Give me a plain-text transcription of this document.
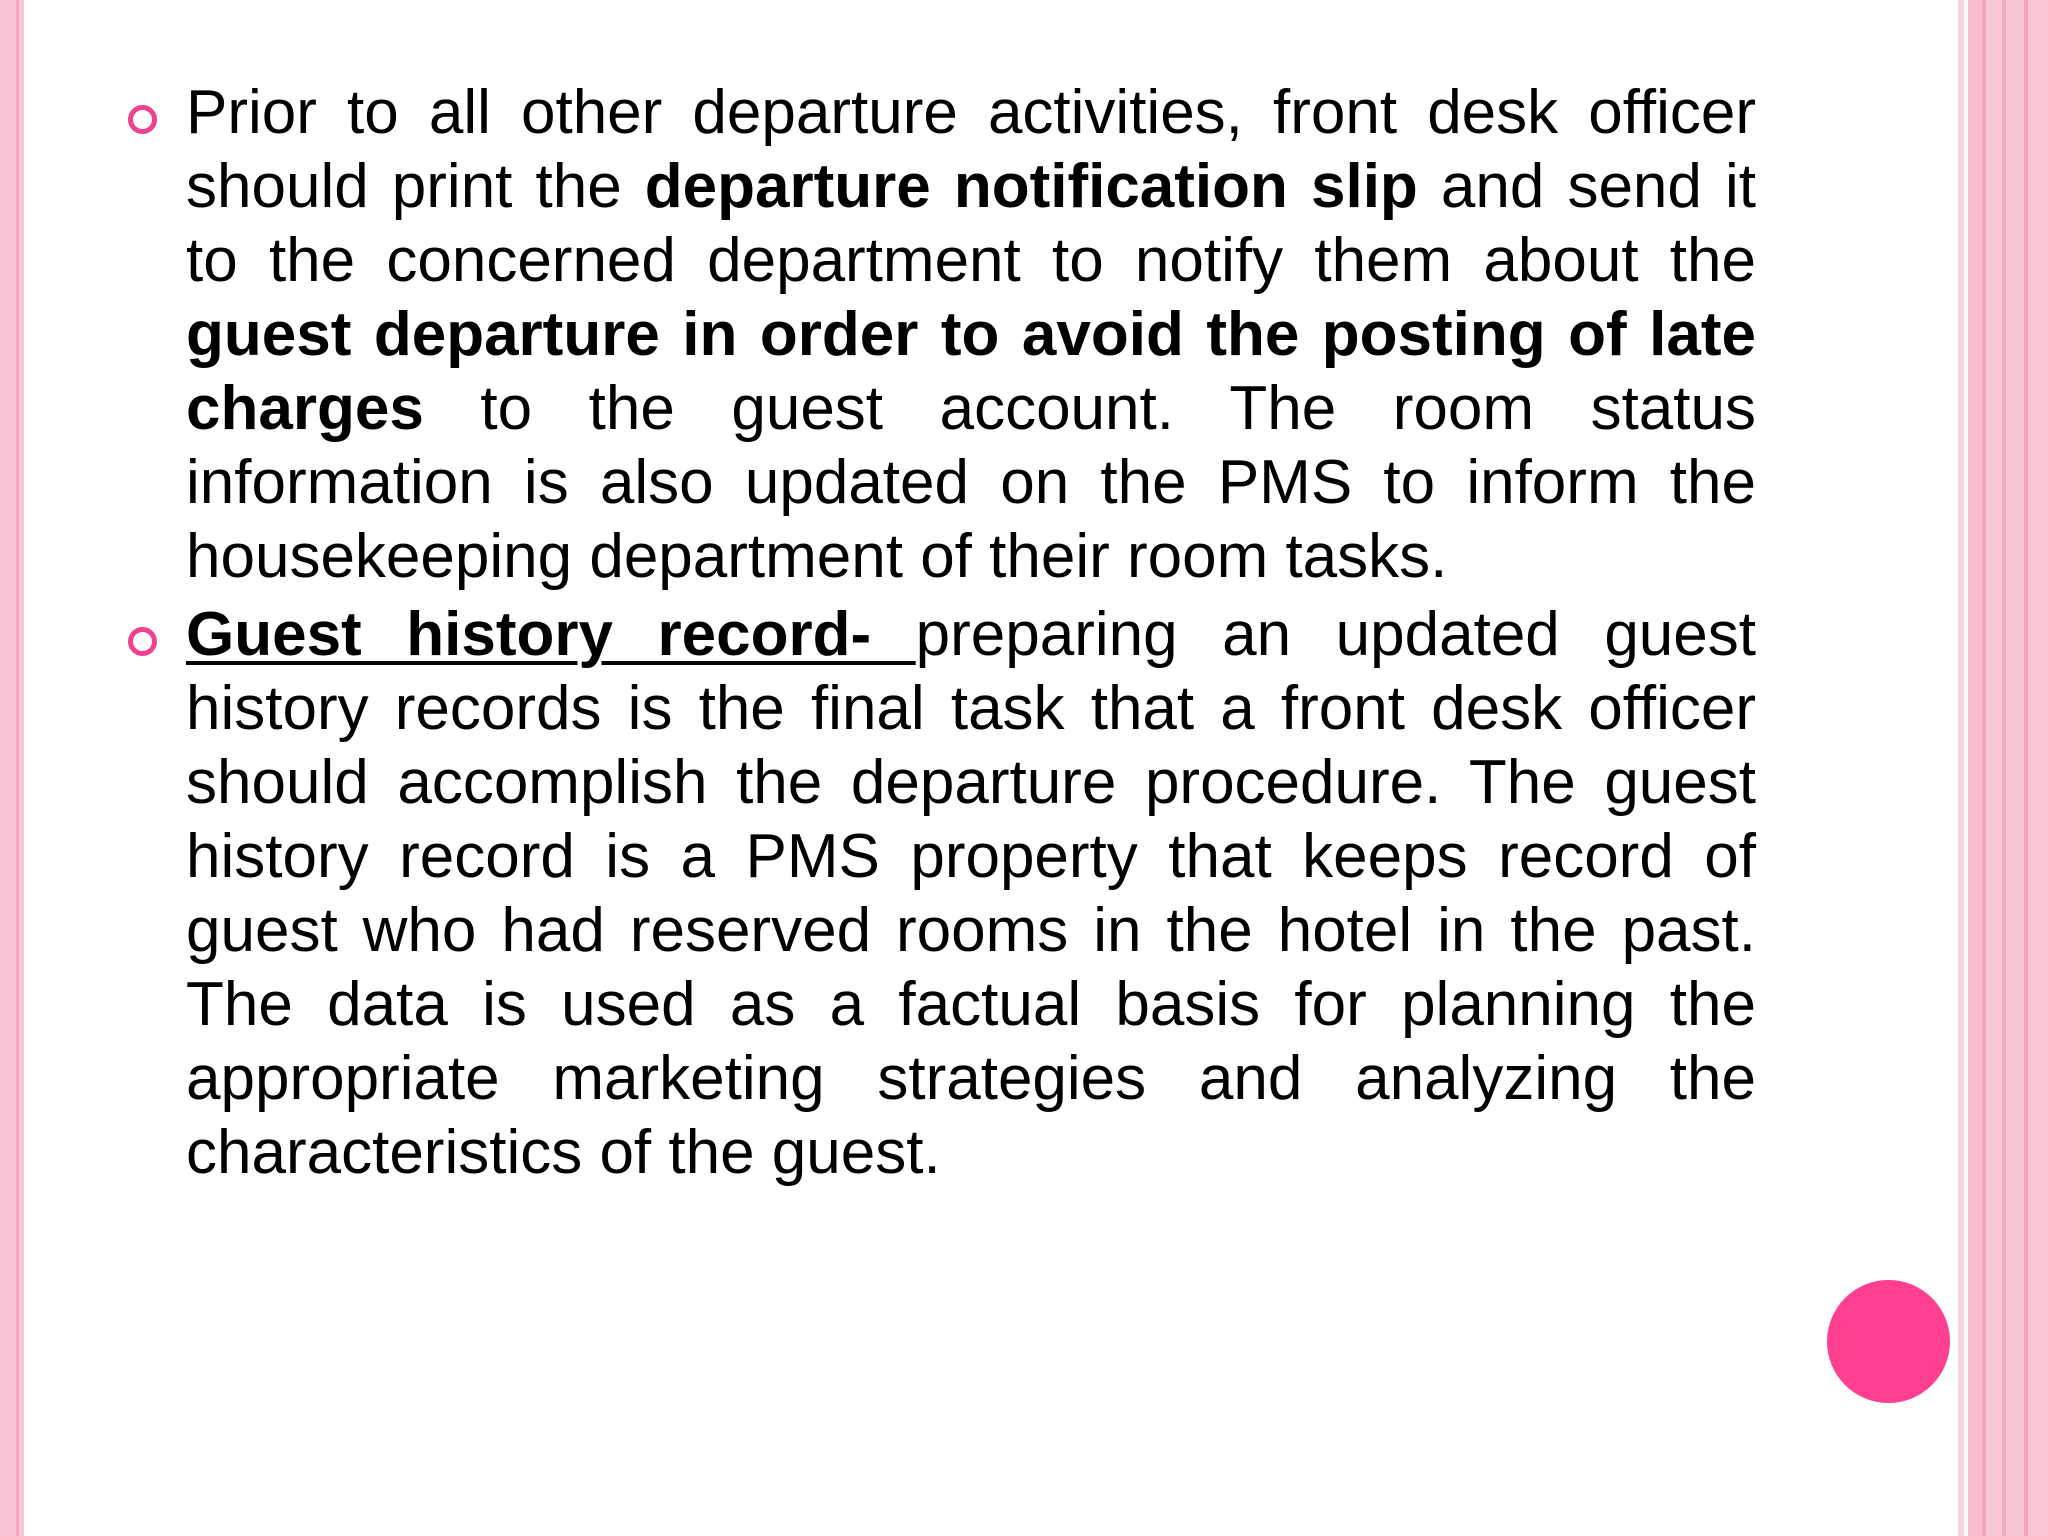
Prior to all other departure activities, front desk officer should print the departure notification slip and send it to the concerned department to notify them about the guest departure in order to avoid the posting of late charges to the guest account. The room status information is also updated on the PMS to inform the housekeeping department of their room tasks.
Guest history record- preparing an updated guest history records is the final task that a front desk officer should accomplish the departure procedure. The guest history record is a PMS property that keeps record of guest who had reserved rooms in the hotel in the past. The data is used as a factual basis for planning the appropriate marketing strategies and analyzing the characteristics of the guest.
